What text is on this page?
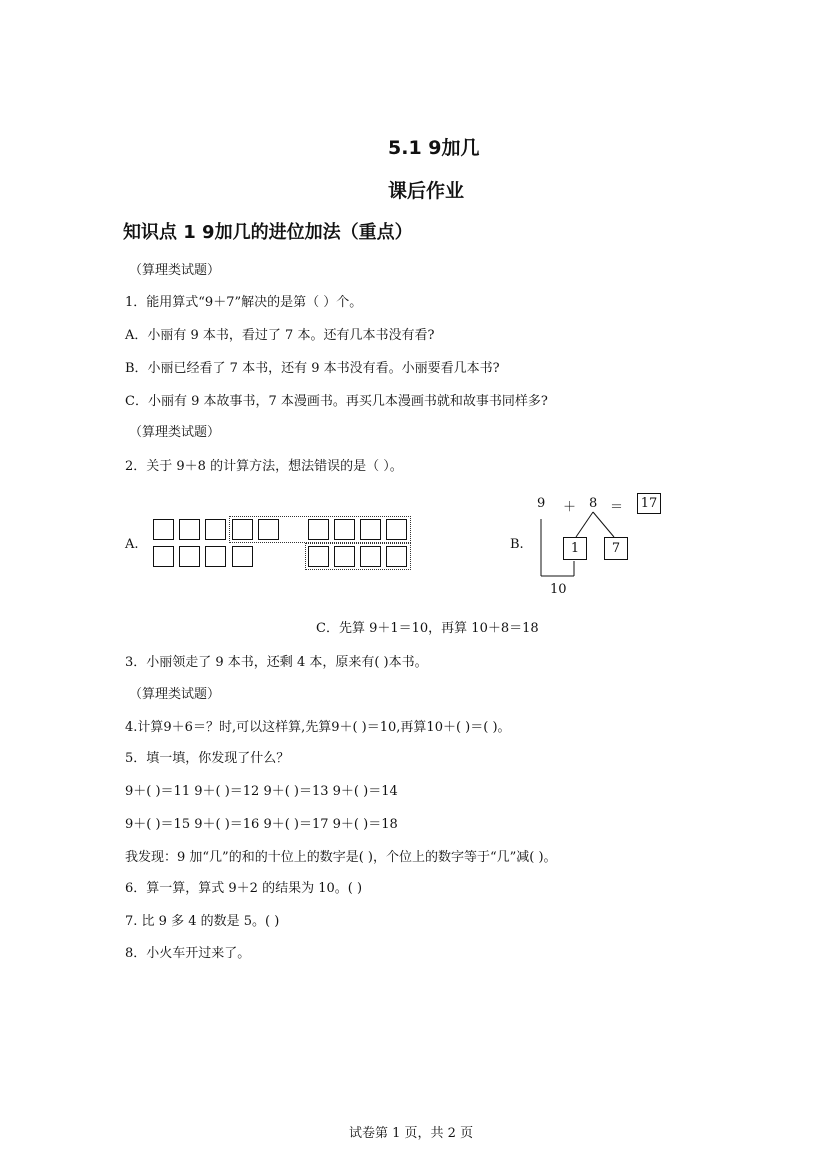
5.1 9加几
课后作业
知识点 1 9加几的进位加法（重点）
（算理类试题）
1．能用算式“9＋7”解决的是第（ ）个。
A．小丽有 9 本书，看过了 7 本。还有几本书没有看?
B．小丽已经看了 7 本书，还有 9 本书没有看。小丽要看几本书?
C．小丽有 9 本故事书，7 本漫画书。再买几本漫画书就和故事书同样多?
（算理类试题）
2．关于 9＋8 的计算方法，想法错误的是（ ）。
A.	B.
9 ＋ 8 ＝ 17
1	7
10
C．先算 9＋1＝10，再算 10＋8＝18
3．小丽领走了 9 本书，还剩 4 本，原来有( )本书。
（算理类试题）
4.计算9＋6＝？时,可以这样算,先算9＋( )＝10,再算10＋( )＝( )。
5．填一填，你发现了什么？
9＋( )＝11 9＋( )＝12 9＋( )＝13 9＋( )＝14
9＋( )＝15 9＋( )＝16 9＋( )＝17 9＋( )＝18
我发现：9 加“几”的和的十位上的数字是( )，个位上的数字等于“几”减( )。
6．算一算，算式 9＋2 的结果为 10。( )
7. 比 9 多 4 的数是 5。( )
8．小火车开过来了。
试卷第 1 页，共 2 页
